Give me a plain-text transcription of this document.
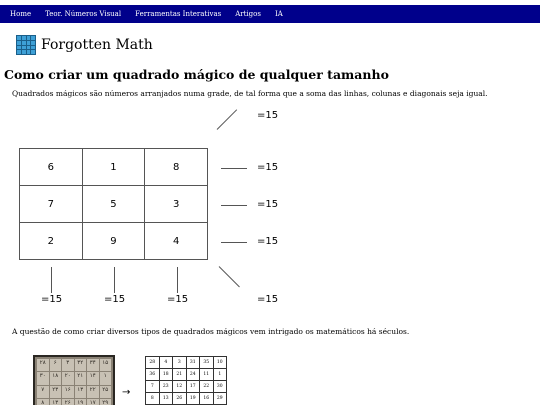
Home Teor. Números Visual Ferramentas Interativas Artigos IA
Forgotten Math
Como criar um quadrado mágico de qualquer tamanho

Quadrados mágicos são números arranjados numa grade, de tal forma que a soma das linhas, colunas e diagonais seja igual.

6	1	8
7	5	3
2	9	4
=15
=15
=15
=15
=15	=15	=15	=15

A questão de como criar diversos tipos de quadrados mágicos vem intrigado os matemáticos há séculos.

۲۸	۶	۳	۳۲	۳۴	۱۵
۳۰	۱۸	۲۰	۲۱	۱۴	۱
۷	۲۳	۱۶	۱۳	۲۲	۲۵
۸	۱۳	۲۶	۱۹	۱۷	۲۹
→
28	4	3	31	35	10
36	18	21	24	11	1
7	23	12	17	22	30
8	13	26	19	16	29
